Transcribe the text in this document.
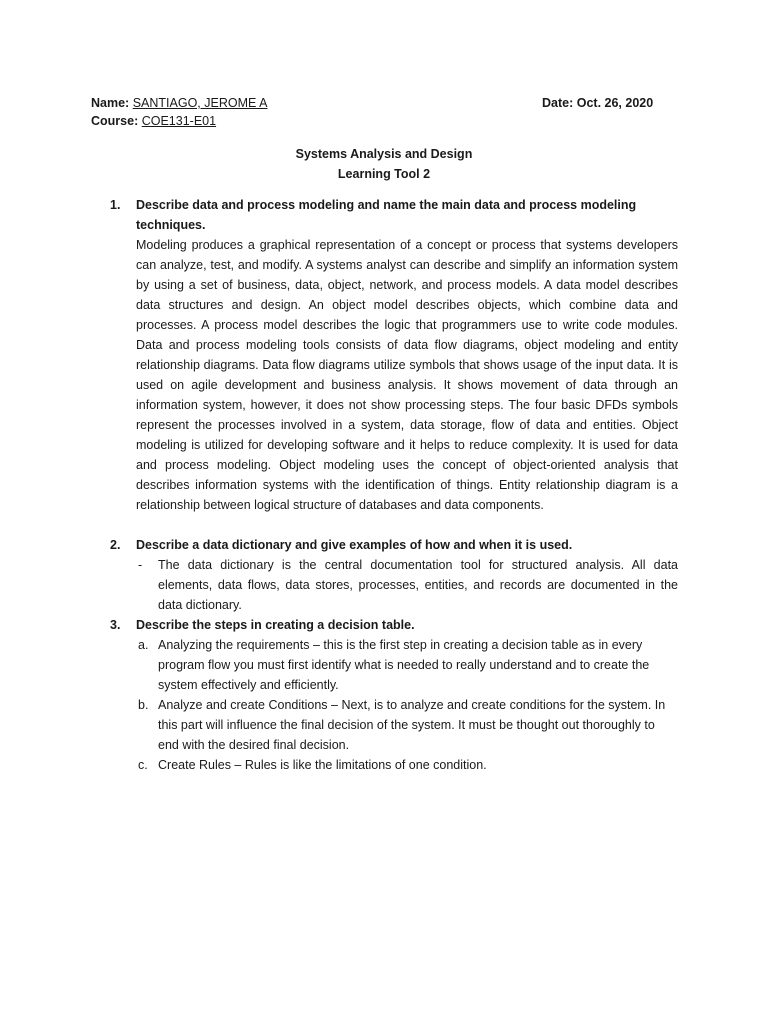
Name: SANTIAGO, JEROME A	Date: Oct. 26, 2020
Course: COE131-E01
Systems Analysis and Design
Learning Tool 2
1.	Describe data and process modeling and name the main data and process modeling techniques.
Modeling produces a graphical representation of a concept or process that systems developers can analyze, test, and modify. A systems analyst can describe and simplify an information system by using a set of business, data, object, network, and process models. A data model describes data structures and design. An object model describes objects, which combine data and processes. A process model describes the logic that programmers use to write code modules. Data and process modeling tools consists of data flow diagrams, object modeling and entity relationship diagrams. Data flow diagrams utilize symbols that shows usage of the input data. It is used on agile development and business analysis. It shows movement of data through an information system, however, it does not show processing steps. The four basic DFDs symbols represent the processes involved in a system, data storage, flow of data and entities. Object modeling is utilized for developing software and it helps to reduce complexity. It is used for data and process modeling. Object modeling uses the concept of object-oriented analysis that describes information systems with the identification of things. Entity relationship diagram is a relationship between logical structure of databases and data components.
2.	Describe a data dictionary and give examples of how and when it is used.
-	The data dictionary is the central documentation tool for structured analysis. All data elements, data flows, data stores, processes, entities, and records are documented in the data dictionary.
3.	Describe the steps in creating a decision table.
a. Analyzing the requirements – this is the first step in creating a decision table as in every program flow you must first identify what is needed to really understand and to create the system effectively and efficiently.
b. Analyze and create Conditions – Next, is to analyze and create conditions for the system. In this part will influence the final decision of the system. It must be thought out thoroughly to end with the desired final decision.
c. Create Rules – Rules is like the limitations of one condition.
